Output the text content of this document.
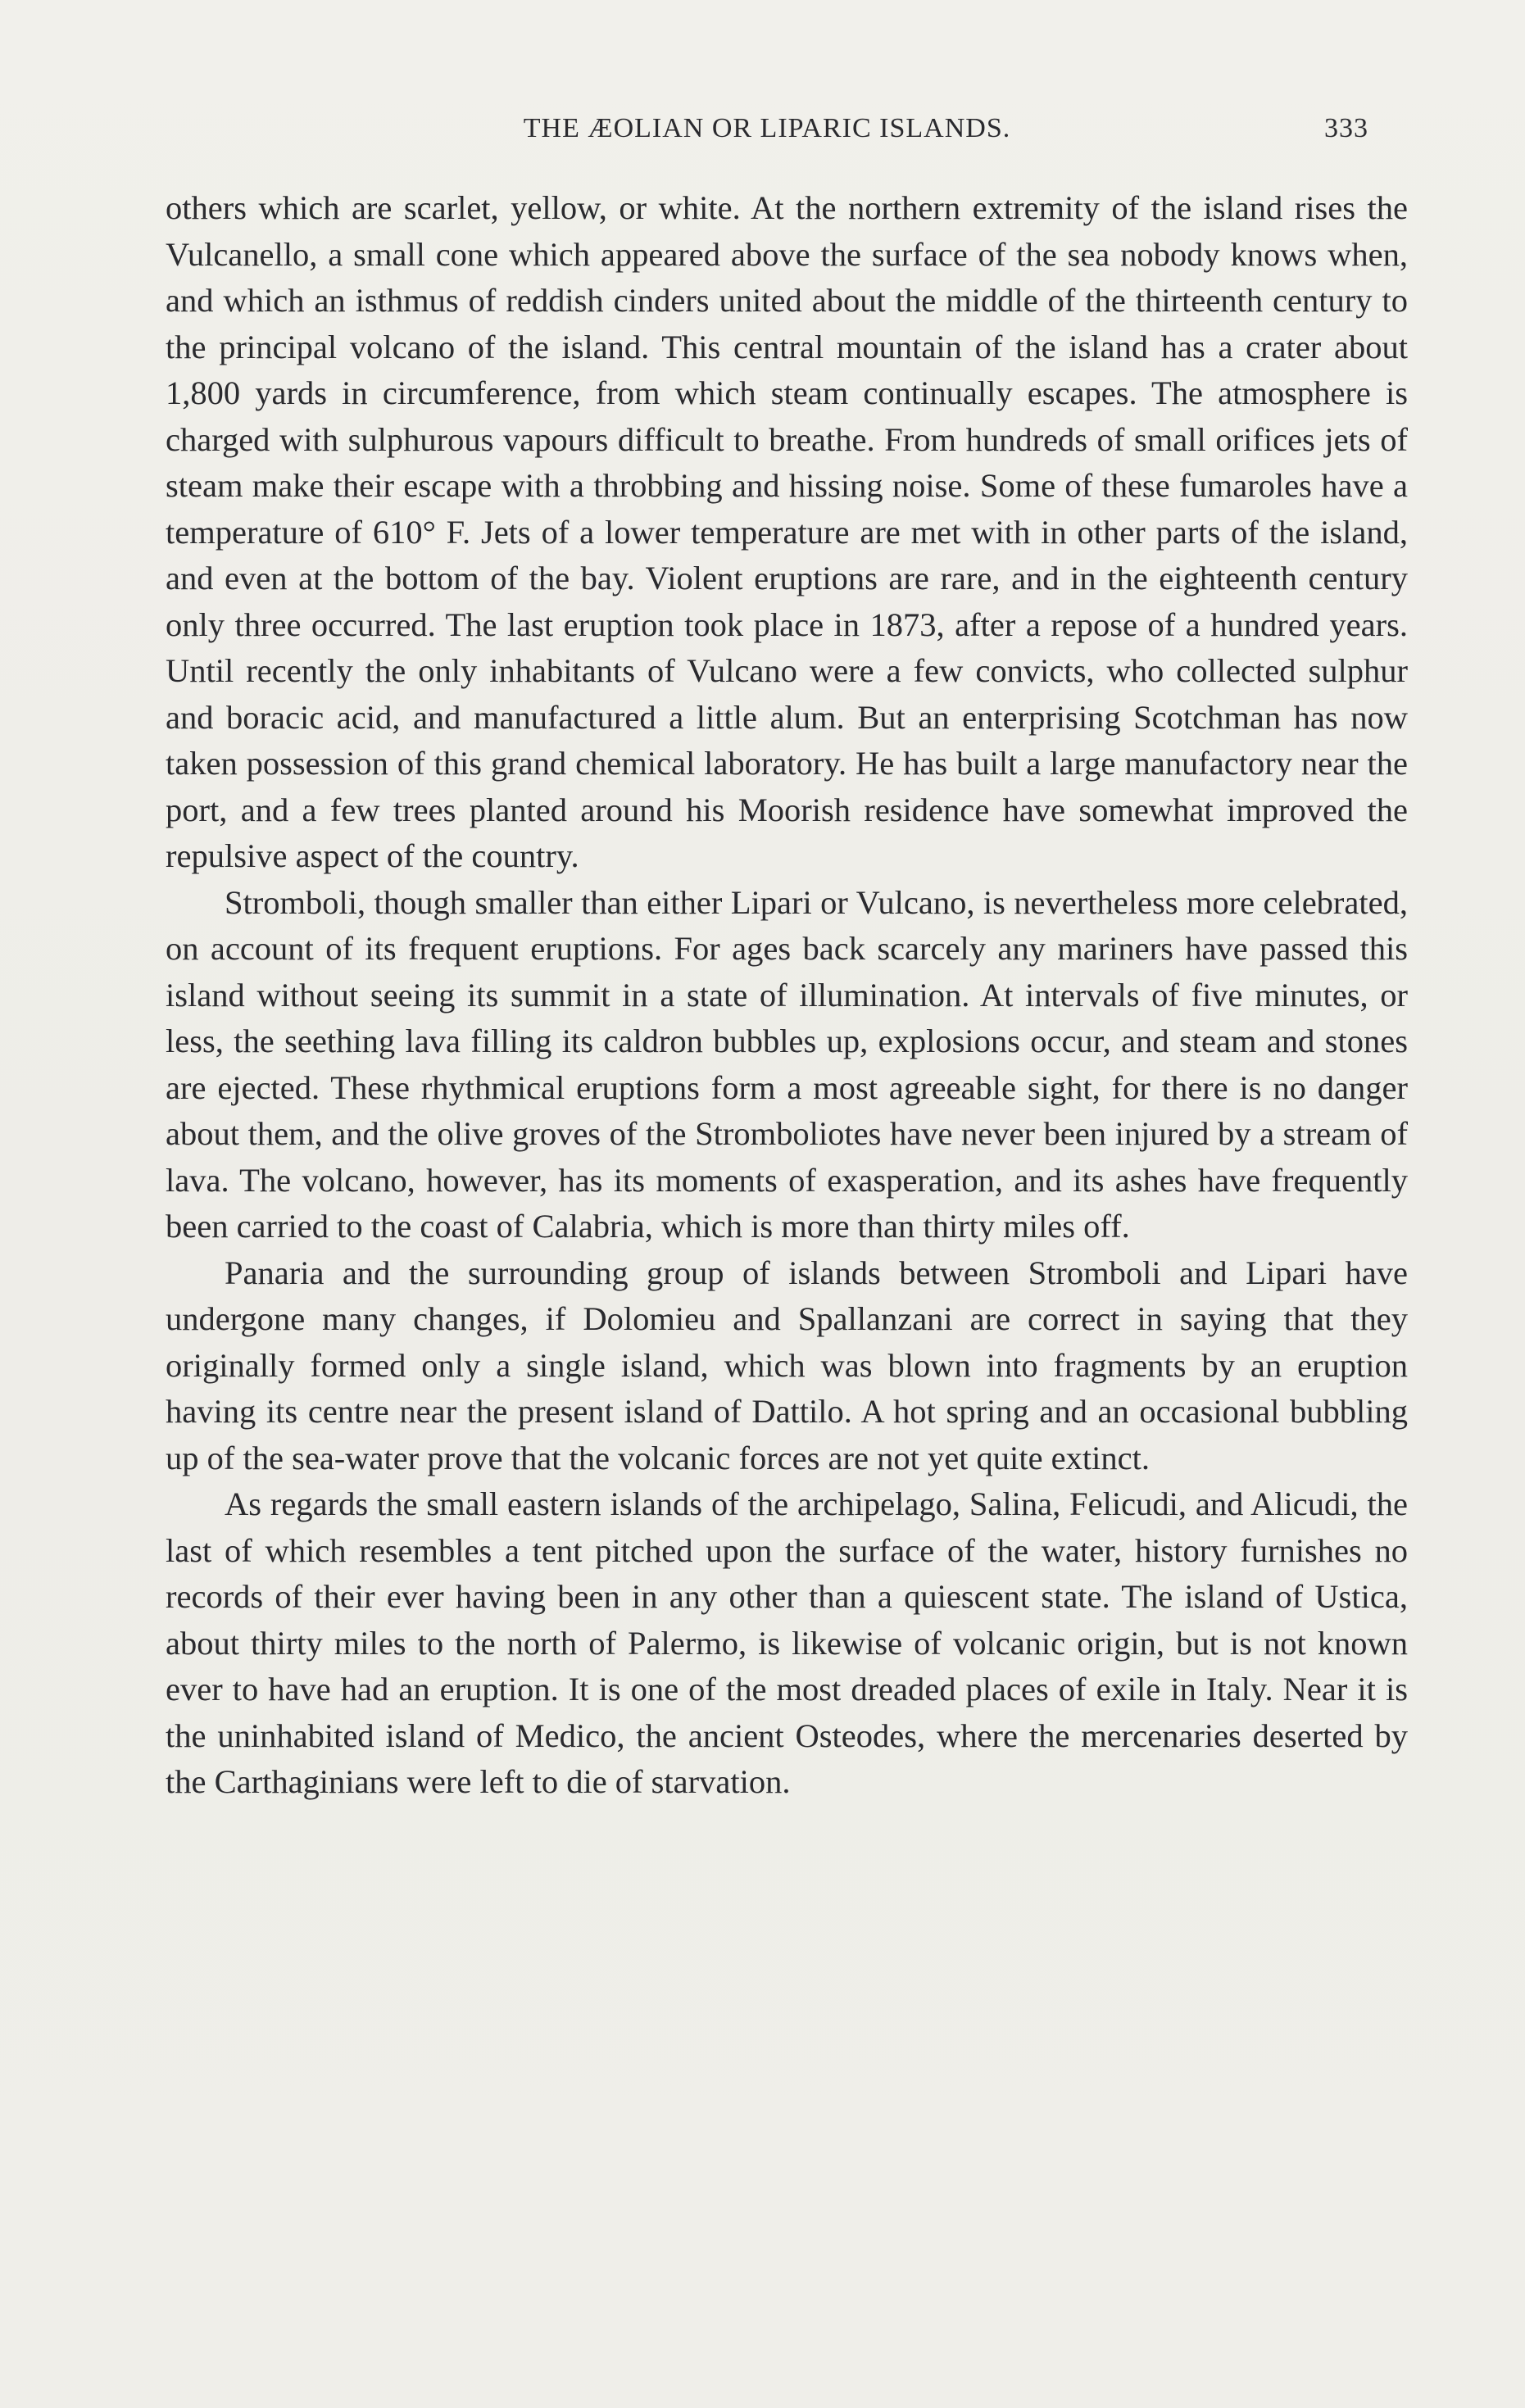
THE ÆOLIAN OR LIPARIC ISLANDS.	333

others which are scarlet, yellow, or white. At the northern extremity of the island rises the Vulcanello, a small cone which appeared above the surface of the sea nobody knows when, and which an isthmus of reddish cinders united about the middle of the thirteenth century to the principal volcano of the island. This central mountain of the island has a crater about 1,800 yards in circumference, from which steam continually escapes. The atmosphere is charged with sulphurous vapours difficult to breathe. From hundreds of small orifices jets of steam make their escape with a throbbing and hissing noise. Some of these fumaroles have a temperature of 610° F. Jets of a lower temperature are met with in other parts of the island, and even at the bottom of the bay. Violent eruptions are rare, and in the eighteenth century only three occurred. The last eruption took place in 1873, after a repose of a hundred years. Until recently the only inhabitants of Vulcano were a few convicts, who collected sulphur and boracic acid, and manufactured a little alum. But an enterprising Scotchman has now taken possession of this grand chemical laboratory. He has built a large manufactory near the port, and a few trees planted around his Moorish residence have somewhat improved the repulsive aspect of the country.

Stromboli, though smaller than either Lipari or Vulcano, is nevertheless more celebrated, on account of its frequent eruptions. For ages back scarcely any mariners have passed this island without seeing its summit in a state of illumination. At intervals of five minutes, or less, the seething lava filling its caldron bubbles up, explosions occur, and steam and stones are ejected. These rhythmical eruptions form a most agreeable sight, for there is no danger about them, and the olive groves of the Stromboliotes have never been injured by a stream of lava. The volcano, however, has its moments of exasperation, and its ashes have frequently been carried to the coast of Calabria, which is more than thirty miles off.

Panaria and the surrounding group of islands between Stromboli and Lipari have undergone many changes, if Dolomieu and Spallanzani are correct in saying that they originally formed only a single island, which was blown into fragments by an eruption having its centre near the present island of Dattilo. A hot spring and an occasional bubbling up of the sea-water prove that the volcanic forces are not yet quite extinct.

As regards the small eastern islands of the archipelago, Salina, Felicudi, and Alicudi, the last of which resembles a tent pitched upon the surface of the water, history furnishes no records of their ever having been in any other than a quiescent state. The island of Ustica, about thirty miles to the north of Palermo, is likewise of volcanic origin, but is not known ever to have had an eruption. It is one of the most dreaded places of exile in Italy. Near it is the uninhabited island of Medico, the ancient Osteodes, where the mercenaries deserted by the Carthaginians were left to die of starvation.
